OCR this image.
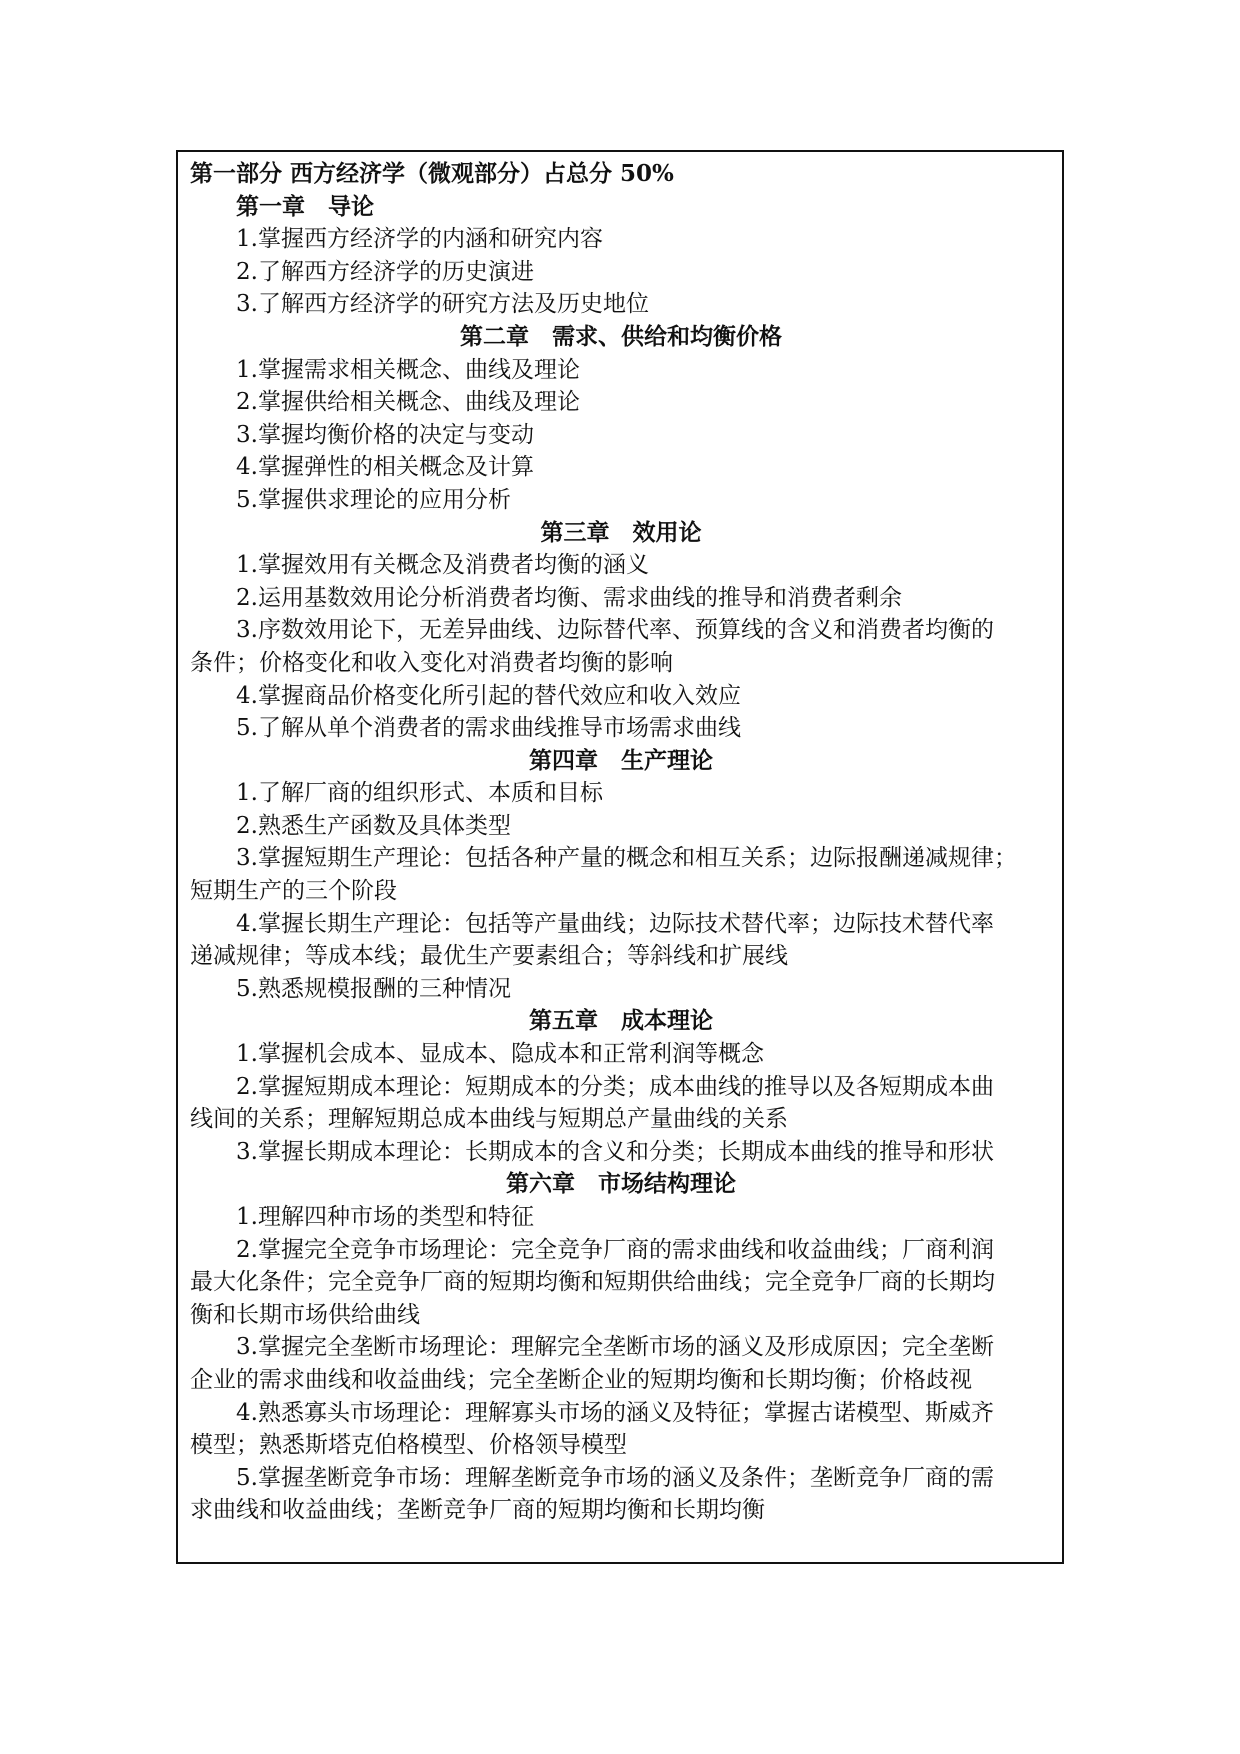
第一部分 西方经济学（微观部分）占总分 50%
第一章　导论
1.掌握西方经济学的内涵和研究内容
2.了解西方经济学的历史演进
3.了解西方经济学的研究方法及历史地位
第二章　需求、供给和均衡价格
1.掌握需求相关概念、曲线及理论
2.掌握供给相关概念、曲线及理论
3.掌握均衡价格的决定与变动
4.掌握弹性的相关概念及计算
5.掌握供求理论的应用分析
第三章　效用论
1.掌握效用有关概念及消费者均衡的涵义
2.运用基数效用论分析消费者均衡、需求曲线的推导和消费者剩余
3.序数效用论下，无差异曲线、边际替代率、预算线的含义和消费者均衡的
条件；价格变化和收入变化对消费者均衡的影响
4.掌握商品价格变化所引起的替代效应和收入效应
5.了解从单个消费者的需求曲线推导市场需求曲线
第四章　生产理论
1.了解厂商的组织形式、本质和目标
2.熟悉生产函数及具体类型
3.掌握短期生产理论：包括各种产量的概念和相互关系；边际报酬递减规律；
短期生产的三个阶段
4.掌握长期生产理论：包括等产量曲线；边际技术替代率；边际技术替代率
递减规律；等成本线；最优生产要素组合；等斜线和扩展线
5.熟悉规模报酬的三种情况
第五章　成本理论
1.掌握机会成本、显成本、隐成本和正常利润等概念
2.掌握短期成本理论：短期成本的分类；成本曲线的推导以及各短期成本曲
线间的关系；理解短期总成本曲线与短期总产量曲线的关系
3.掌握长期成本理论：长期成本的含义和分类；长期成本曲线的推导和形状
第六章　市场结构理论
1.理解四种市场的类型和特征
2.掌握完全竞争市场理论：完全竞争厂商的需求曲线和收益曲线；厂商利润
最大化条件；完全竞争厂商的短期均衡和短期供给曲线；完全竞争厂商的长期均
衡和长期市场供给曲线
3.掌握完全垄断市场理论：理解完全垄断市场的涵义及形成原因；完全垄断
企业的需求曲线和收益曲线；完全垄断企业的短期均衡和长期均衡；价格歧视
4.熟悉寡头市场理论：理解寡头市场的涵义及特征；掌握古诺模型、斯威齐
模型；熟悉斯塔克伯格模型、价格领导模型
5.掌握垄断竞争市场：理解垄断竞争市场的涵义及条件；垄断竞争厂商的需
求曲线和收益曲线；垄断竞争厂商的短期均衡和长期均衡
